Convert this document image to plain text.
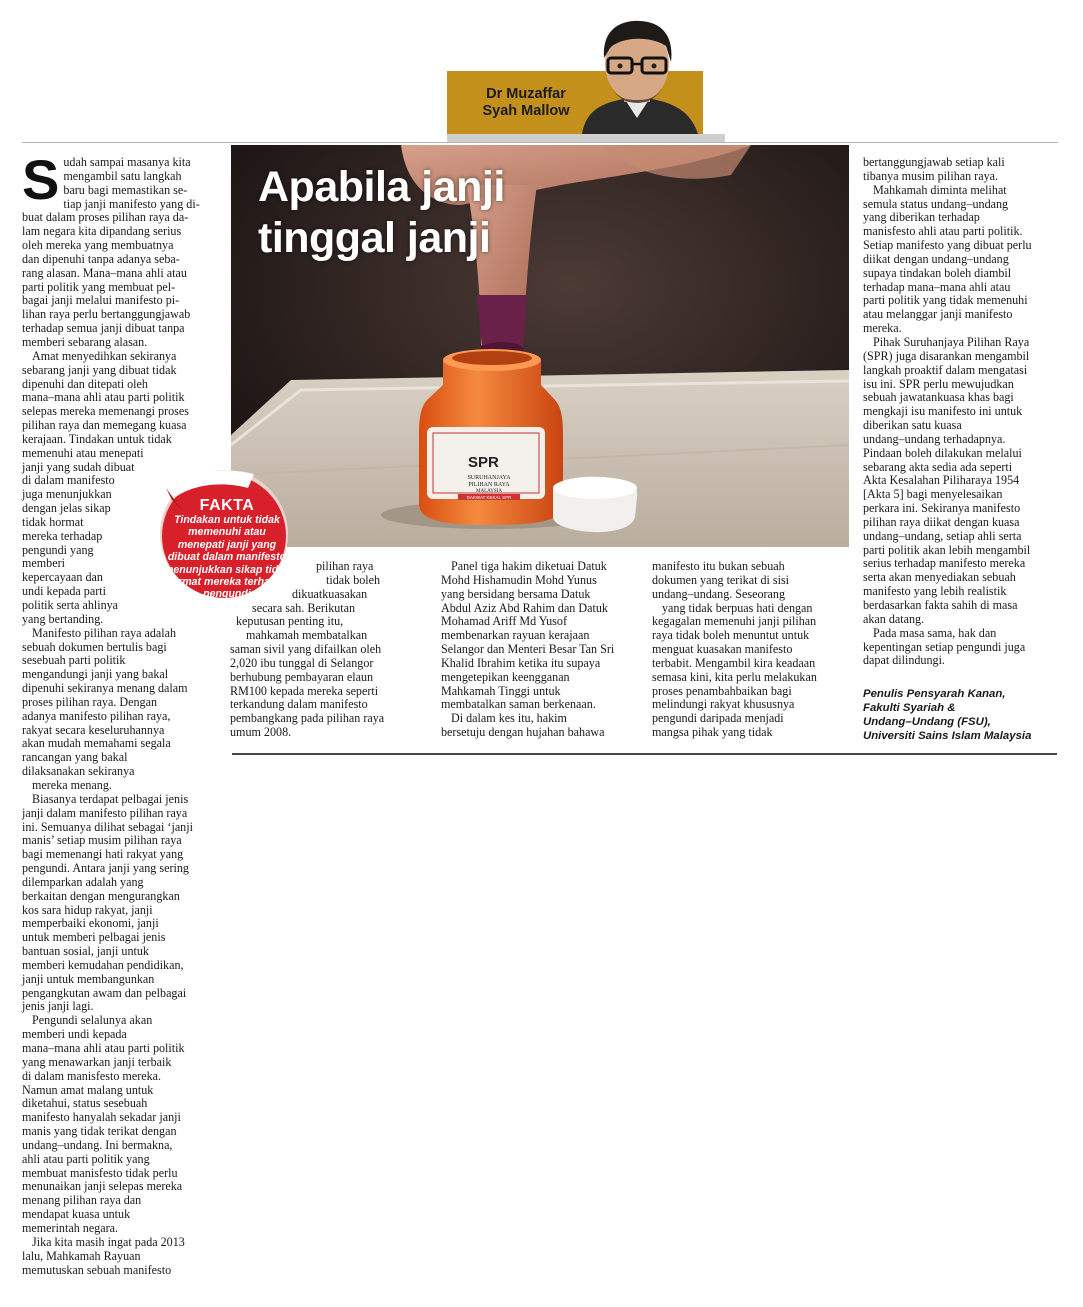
Dr Muzaffar
Syah Mallow
SPR
SURUHANJAYA
PILIHAN RAYA
MALAYSIA
DAKWAT KEKAL SPR
Apabila janji
tinggal janji
S udah sampai masanya kita
mengambil satu langkah
baru bagi memastikan se-
tiap janji manifesto yang di-
buat dalam proses pilihan raya da-
lam negara kita dipandang serius
oleh mereka yang membuatnya
dan dipenuhi tanpa adanya seba-
rang alasan. Mana–mana ahli atau
parti politik yang membuat pel-
bagai janji melalui manifesto pi-
lihan raya perlu bertanggungjawab
terhadap semua janji dibuat tanpa
memberi sebarang alasan.

Amat menyedihkan sekiranya
sebarang janji yang dibuat tidak
dipenuhi dan ditepati oleh
mana–mana ahli atau parti politik
selepas mereka memenangi proses
pilihan raya dan memegang kuasa
kerajaan. Tindakan untuk tidak
memenuhi atau menepati
janji yang sudah dibuat
di dalam manifesto
juga menunjukkan
dengan jelas sikap
tidak hormat
mereka terhadap
pengundi yang
memberi
kepercayaan dan
undi kepada parti
politik serta ahlinya
yang bertanding.

Manifesto pilihan raya adalah
sebuah dokumen bertulis bagi
sesebuah parti politik
mengandungi janji yang bakal
dipenuhi sekiranya menang dalam
proses pilihan raya. Dengan
adanya manifesto pilihan raya,
rakyat secara keseluruhannya
akan mudah memahami segala
rancangan yang bakal
dilaksanakan sekiranya
mereka menang.

Biasanya terdapat pelbagai jenis
janji dalam manifesto pilihan raya
ini. Semuanya dilihat sebagai ‘janji
manis’ setiap musim pilihan raya
bagi memenangi hati rakyat yang
pengundi. Antara janji yang sering
dilemparkan adalah yang
berkaitan dengan mengurangkan
kos sara hidup rakyat, janji
memperbaiki ekonomi, janji
untuk memberi pelbagai jenis
bantuan sosial, janji untuk
memberi kemudahan pendidikan,
janji untuk membangunkan
pengangkutan awam dan pelbagai
jenis janji lagi.

Pengundi selalunya akan
memberi undi kepada
mana–mana ahli atau parti politik
yang menawarkan janji terbaik
di dalam manisfesto mereka.
Namun amat malang untuk
diketahui, status sesebuah
manifesto hanyalah sekadar janji
manis yang tidak terikat dengan
undang–undang. Ini bermakna,
ahli atau parti politik yang
membuat manisfesto tidak perlu
menunaikan janji selepas mereka
menang pilihan raya dan
mendapat kuasa untuk
memerintah negara.

Jika kita masih ingat pada 2013
lalu, Mahkamah Rayuan
memutuskan sebuah manifesto

FAKTA
Tindakan untuk tidak
memenuhi atau
menepati janji yang
dibuat dalam manifesto
menunjukkan sikap tidak
hormat mereka terhadap
pengundi

pilihan raya
tidak boleh
dikuatkuasakan
secara sah. Berikutan
keputusan penting itu,
mahkamah membatalkan
saman sivil yang difailkan oleh
2,020 ibu tunggal di Selangor
berhubung pembayaran elaun
RM100 kepada mereka seperti
terkandung dalam manifesto
pembangkang pada pilihan raya
umum 2008.

Panel tiga hakim diketuai Datuk
Mohd Hishamudin Mohd Yunus
yang bersidang bersama Datuk
Abdul Aziz Abd Rahim dan Datuk
Mohamad Ariff Md Yusof
membenarkan rayuan kerajaan
Selangor dan Menteri Besar Tan Sri
Khalid Ibrahim ketika itu supaya
mengetepikan keengganan
Mahkamah Tinggi untuk
membatalkan saman berkenaan.

Di dalam kes itu, hakim
bersetuju dengan hujahan bahawa

manifesto itu bukan sebuah
dokumen yang terikat di sisi
undang–undang. Seseorang
yang tidak berpuas hati dengan
kegagalan memenuhi janji pilihan
raya tidak boleh menuntut untuk
menguat kuasakan manifesto
terbabit. Mengambil kira keadaan
semasa kini, kita perlu melakukan
proses penambahbaikan bagi
melindungi rakyat khususnya
pengundi daripada menjadi
mangsa pihak yang tidak

bertanggungjawab setiap kali
tibanya musim pilihan raya.

Mahkamah diminta melihat
semula status undang–undang
yang diberikan terhadap
manisfesto ahli atau parti politik.
Setiap manifesto yang dibuat perlu
diikat dengan undang–undang
supaya tindakan boleh diambil
terhadap mana–mana ahli atau
parti politik yang tidak memenuhi
atau melanggar janji manifesto
mereka.

Pihak Suruhanjaya Pilihan Raya
(SPR) juga disarankan mengambil
langkah proaktif dalam mengatasi
isu ini. SPR perlu mewujudkan
sebuah jawatankuasa khas bagi
mengkaji isu manifesto ini untuk
diberikan satu kuasa
undang–undang terhadapnya.
Pindaan boleh dilakukan melalui
sebarang akta sedia ada seperti
Akta Kesalahan Piliharaya 1954
[Akta 5] bagi menyelesaikan
perkara ini. Sekiranya manifesto
pilihan raya diikat dengan kuasa
undang–undang, setiap ahli serta
parti politik akan lebih mengambil
serius terhadap manifesto mereka
serta akan menyediakan sebuah
manifesto yang lebih realistik
berdasarkan fakta sahih di masa
akan datang.

Pada masa sama, hak dan
kepentingan setiap pengundi juga
dapat dilindungi.

Penulis Pensyarah Kanan,
Fakulti Syariah &
Undang–Undang (FSU),
Universiti Sains Islam Malaysia
